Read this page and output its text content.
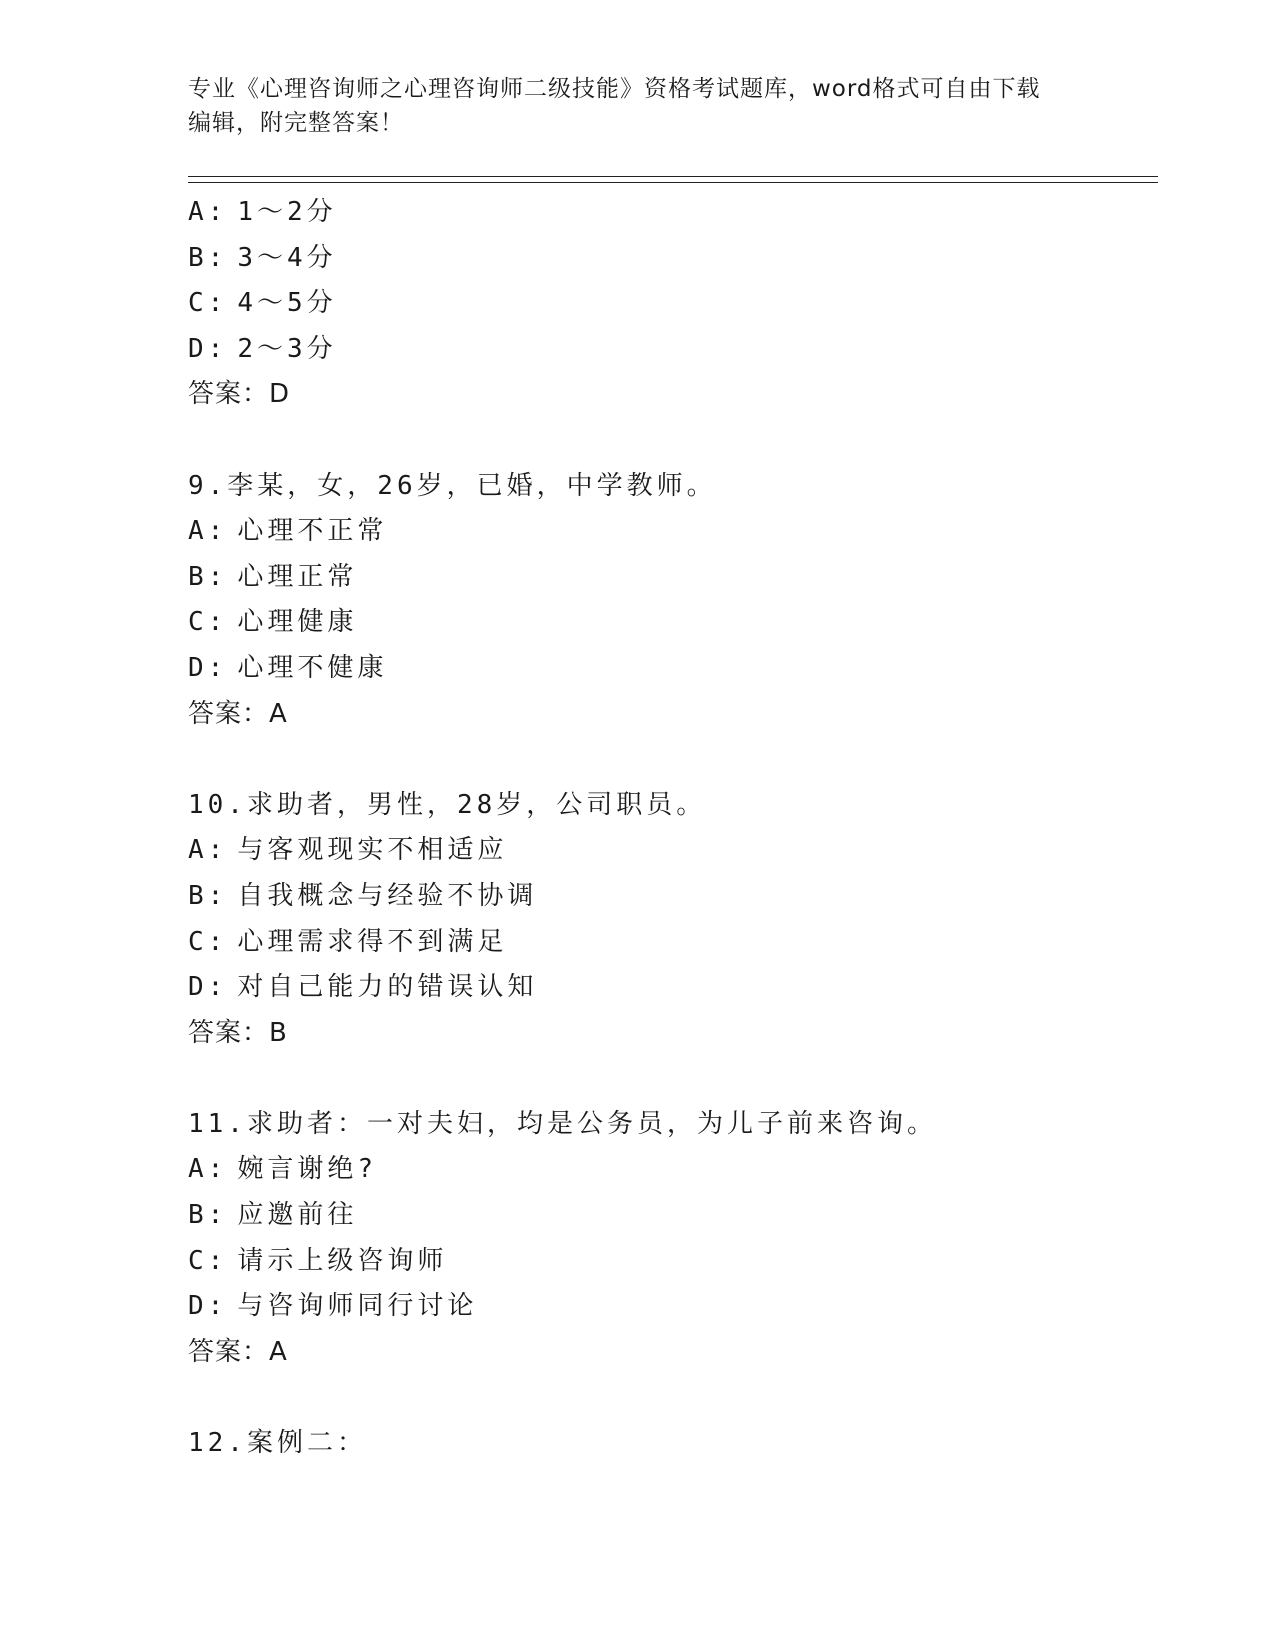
专业《心理咨询师之心理咨询师二级技能》资格考试题库，word格式可自由下载
编辑，附完整答案！
A: 1～2分
B: 3～4分
C: 4～5分
D: 2～3分
答案：D
9.李某，女，26岁，已婚，中学教师。
A: 心理不正常
B: 心理正常
C: 心理健康
D: 心理不健康
答案：A
10.求助者，男性，28岁，公司职员。
A: 与客观现实不相适应
B: 自我概念与经验不协调
C: 心理需求得不到满足
D: 对自己能力的错误认知
答案：B
11.求助者：一对夫妇，均是公务员，为儿子前来咨询。
A: 婉言谢绝?
B: 应邀前往
C: 请示上级咨询师
D: 与咨询师同行讨论
答案：A
12.案例二：
